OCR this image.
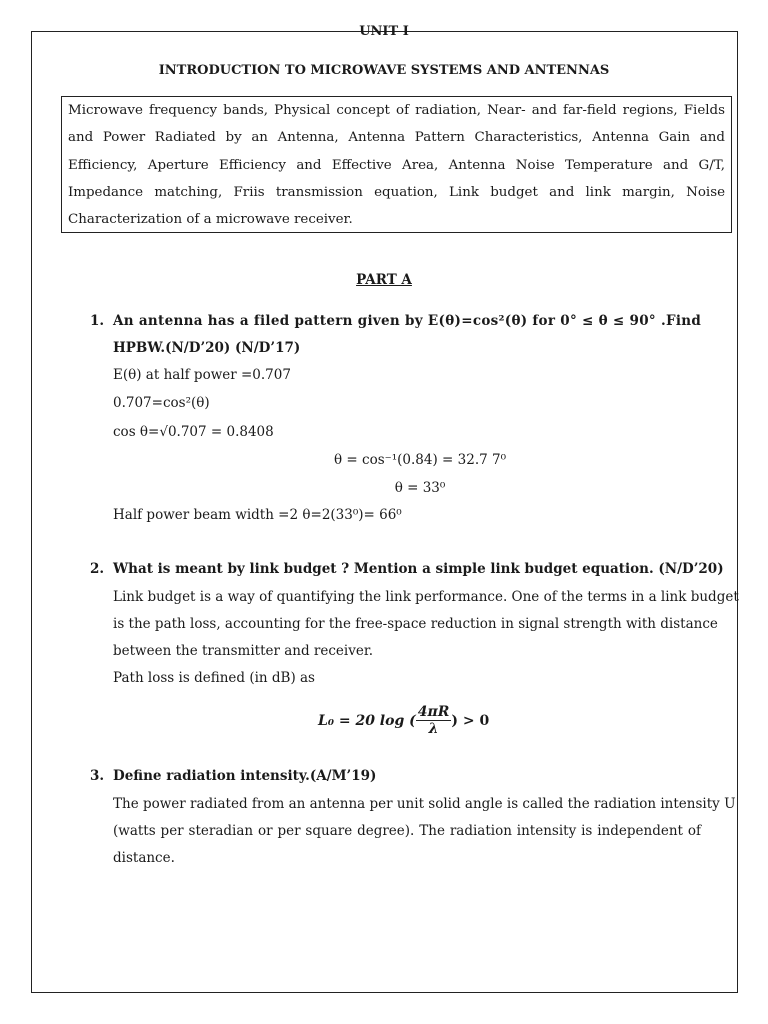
UNIT I
INTRODUCTION TO MICROWAVE SYSTEMS AND ANTENNAS
Microwave frequency bands, Physical concept of radiation, Near- and far-field regions, Fields and Power Radiated by an Antenna, Antenna Pattern Characteristics, Antenna Gain and Efficiency, Aperture Efficiency and Effective Area, Antenna Noise Temperature and G/T, Impedance matching, Friis transmission equation, Link budget and link margin, Noise Characterization of a microwave receiver.
PART A
1. An antenna has a filed pattern given by E(θ)=cos²(θ) for 0° ≤ θ ≤ 90° .Find
HPBW.(N/D’20) (N/D’17)
E(θ) at half power =0.707
0.707=cos²(θ)
cos θ=√0.707 = 0.8408
θ = cos⁻¹(0.84) = 32.7 7⁰
θ = 33⁰
Half power beam width =2 θ=2(33⁰)= 66⁰
2. What is meant by link budget ? Mention a simple link budget equation. (N/D’20)
Link budget is a way of quantifying the link performance. One of the terms in a link budget
is the path loss, accounting for the free-space reduction in signal strength with distance
between the transmitter and receiver.
Path loss is defined (in dB) as
L₀ = 20 log ( $\frac{4\pi R}{\lambda}$ ) > 0
3. Define radiation intensity.(A/M’19)
The power radiated from an antenna per unit solid angle is called the radiation intensity U
(watts per steradian or per square degree). The radiation intensity is independent of
distance.
